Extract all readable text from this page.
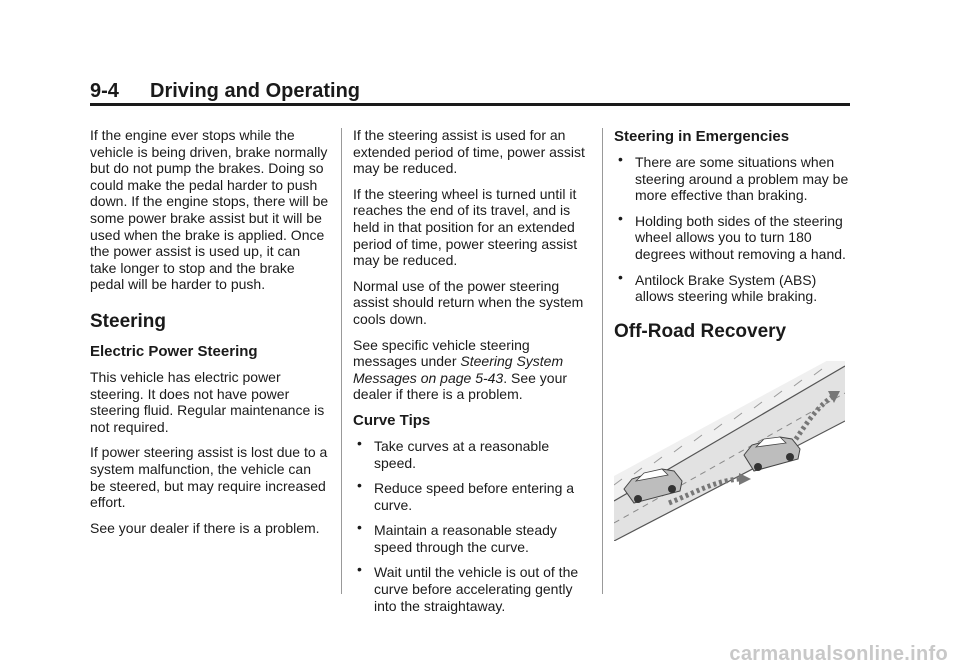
9-4 Driving and Operating

If the engine ever stops while the vehicle is being driven, brake normally but do not pump the brakes. Doing so could make the pedal harder to push down. If the engine stops, there will be some power brake assist but it will be used when the brake is applied. Once the power assist is used up, it can take longer to stop and the brake pedal will be harder to push.

Steering
Electric Power Steering

This vehicle has electric power steering. It does not have power steering fluid. Regular maintenance is not required.

If power steering assist is lost due to a system malfunction, the vehicle can be steered, but may require increased effort.

See your dealer if there is a problem.

If the steering assist is used for an extended period of time, power assist may be reduced.

If the steering wheel is turned until it reaches the end of its travel, and is held in that position for an extended period of time, power steering assist may be reduced.

Normal use of the power steering assist should return when the system cools down.

See specific vehicle steering messages under Steering System Messages on page 5-43. See your dealer if there is a problem.

Curve Tips
• Take curves at a reasonable speed.
• Reduce speed before entering a curve.
• Maintain a reasonable steady speed through the curve.
• Wait until the vehicle is out of the curve before accelerating gently into the straightaway.
Steering in Emergencies
• There are some situations when steering around a problem may be more effective than braking.
• Holding both sides of the steering wheel allows you to turn 180 degrees without removing a hand.
• Antilock Brake System (ABS) allows steering while braking.
Off-Road Recovery
carmanualsonline.info
